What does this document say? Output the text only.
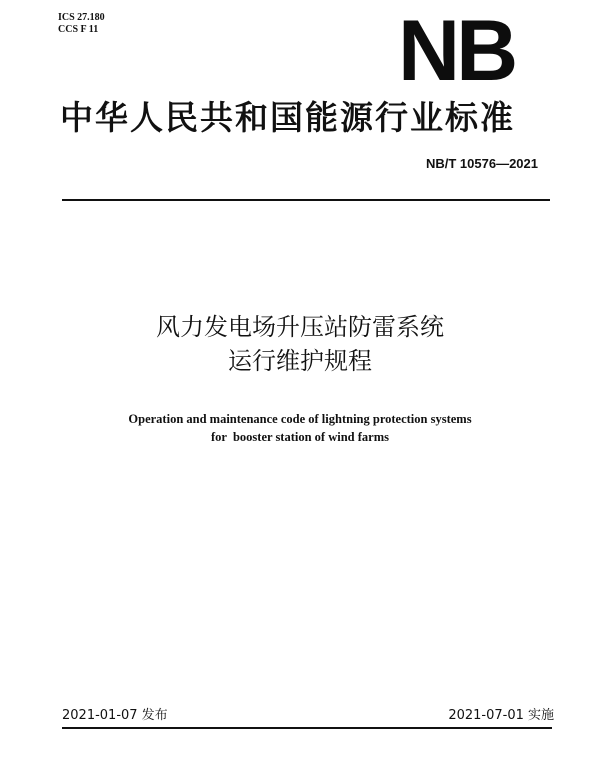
ICS 27.180
CCS F 11	NB
中华人民共和国能源行业标准
NB/T 10576—2021
风力发电场升压站防雷系统
运行维护规程
Operation and maintenance code of lightning protection systems
for  booster station of wind farms
2021-01-07 发布	2021-07-01 实施
